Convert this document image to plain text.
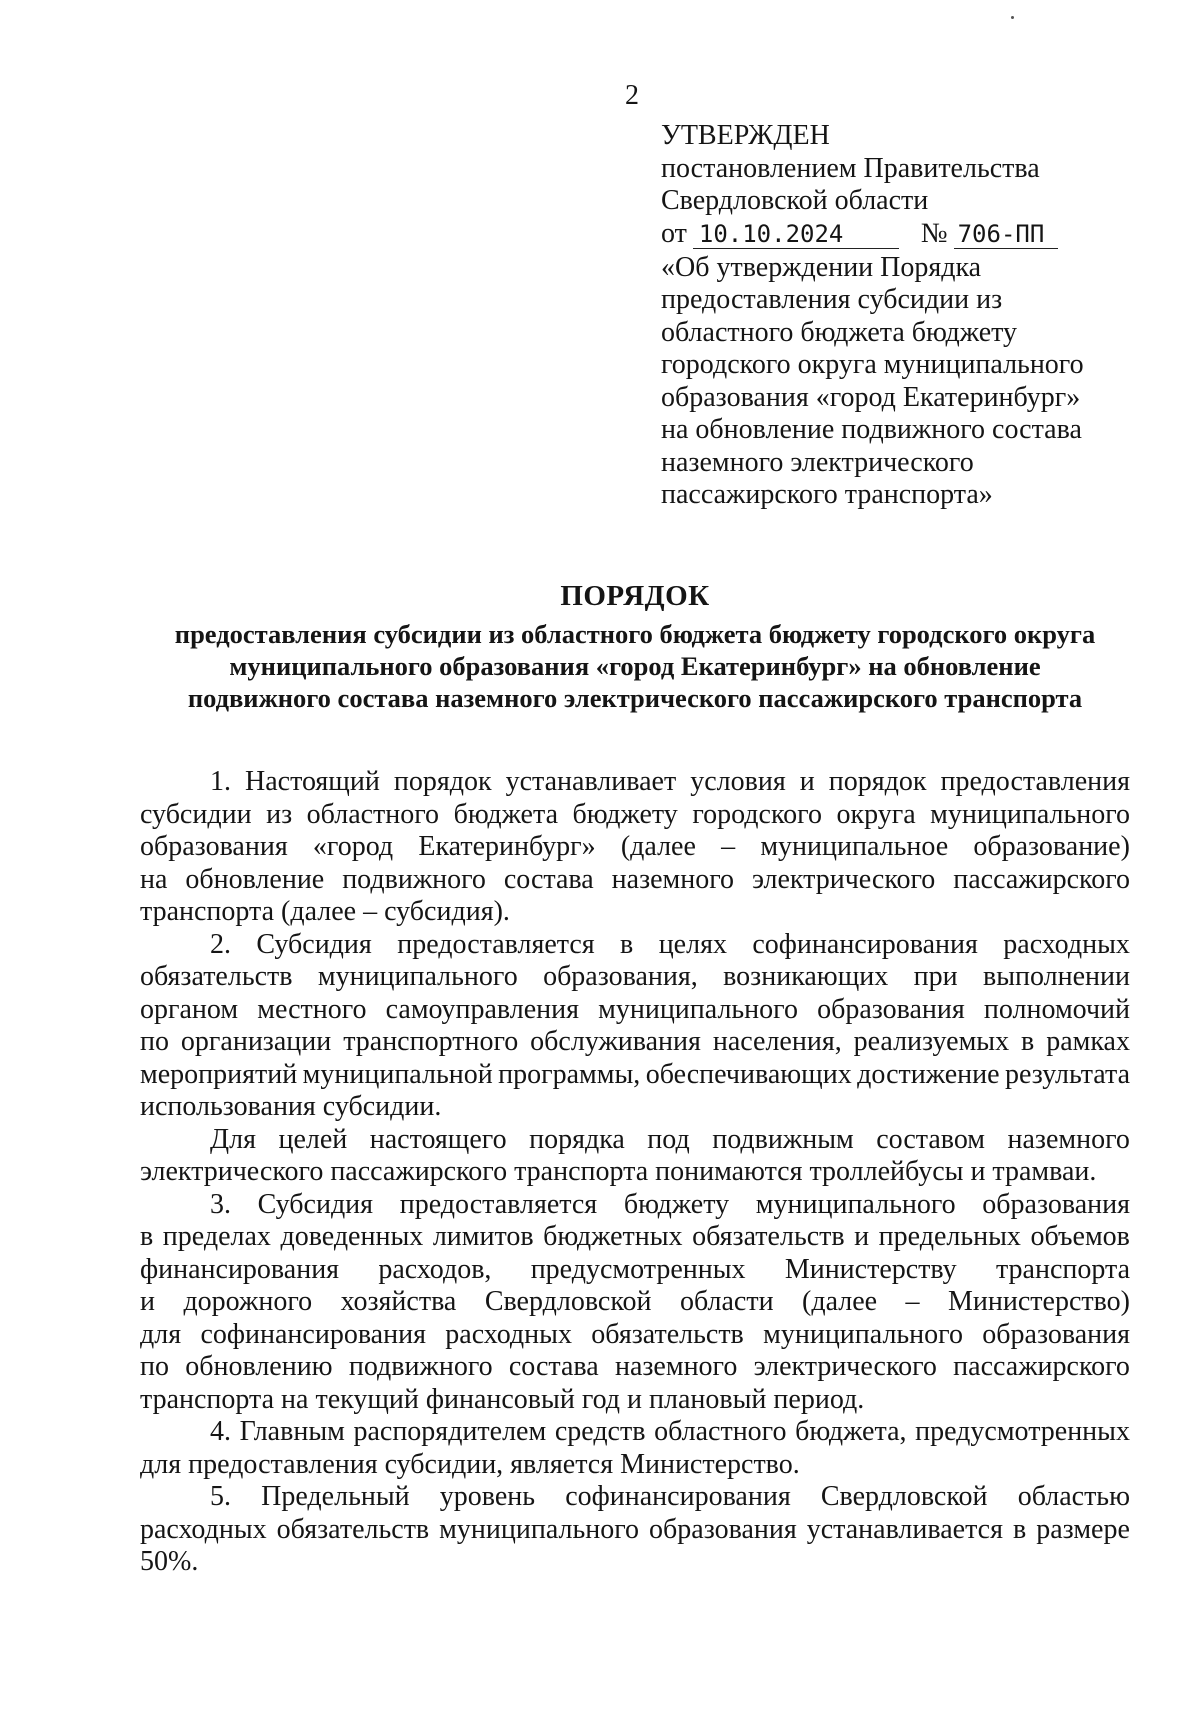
2
УТВЕРЖДЕН
постановлением Правительства
Свердловской области
от 10.10.2024	№ 706-ПП
«Об утверждении Порядка
предоставления субсидии из
областного бюджета бюджету
городского округа муниципального
образования «город Екатеринбург»
на обновление подвижного состава
наземного электрического
пассажирского транспорта»
ПОРЯДОК
предоставления субсидии из областного бюджета бюджету городского округа
муниципального образования «город Екатеринбург» на обновление
подвижного состава наземного электрического пассажирского транспорта
1. Настоящий порядок устанавливает условия и порядок предоставления
субсидии из областного бюджета бюджету городского округа муниципального
образования «город Екатеринбург» (далее – муниципальное образование)
на обновление подвижного состава наземного электрического пассажирского
транспорта (далее – субсидия).
2. Субсидия предоставляется в целях софинансирования расходных
обязательств муниципального образования, возникающих при выполнении
органом местного самоуправления муниципального образования полномочий
по организации транспортного обслуживания населения, реализуемых в рамках
мероприятий муниципальной программы, обеспечивающих достижение результата
использования субсидии.
Для целей настоящего порядка под подвижным составом наземного
электрического пассажирского транспорта понимаются троллейбусы и трамваи.
3. Субсидия предоставляется бюджету муниципального образования
в пределах доведенных лимитов бюджетных обязательств и предельных объемов
финансирования расходов, предусмотренных Министерству транспорта
и дорожного хозяйства Свердловской области (далее – Министерство)
для софинансирования расходных обязательств муниципального образования
по обновлению подвижного состава наземного электрического пассажирского
транспорта на текущий финансовый год и плановый период.
4. Главным распорядителем средств областного бюджета, предусмотренных
для предоставления субсидии, является Министерство.
5. Предельный уровень софинансирования Свердловской областью
расходных обязательств муниципального образования устанавливается в размере
50%.
